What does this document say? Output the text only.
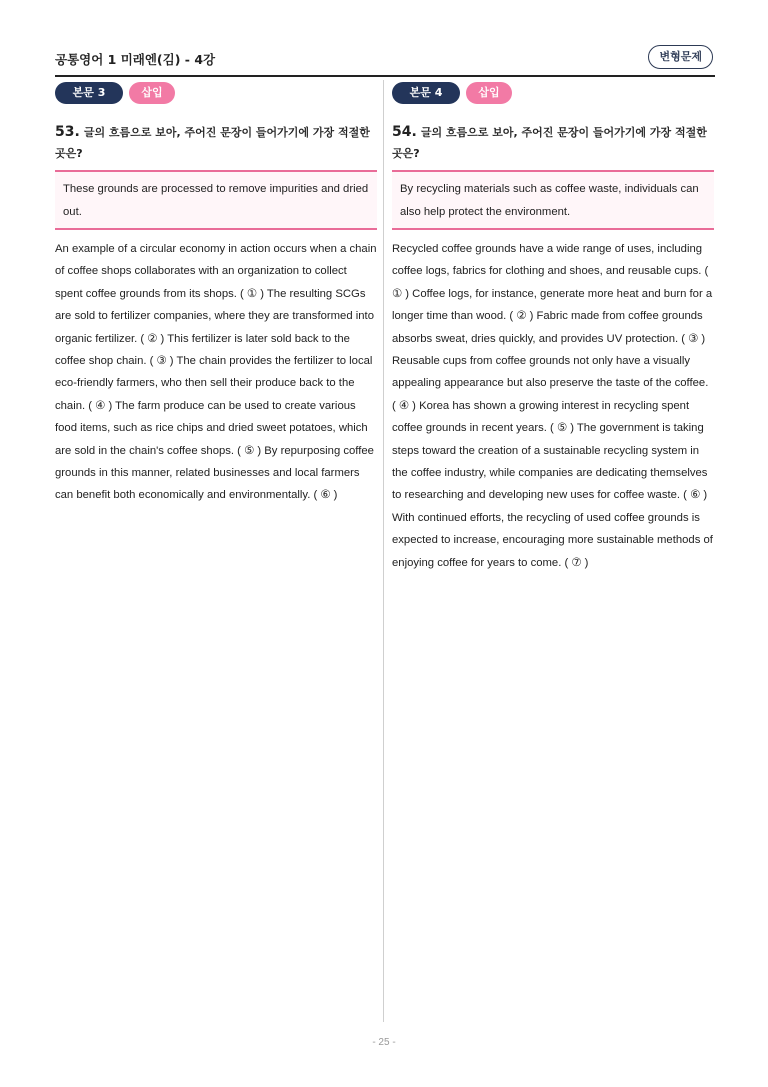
공통영어 1 미래엔(김) - 4강	변형문제
본문 3	삽입
53. 글의 흐름으로 보아, 주어진 문장이 들어가기에 가장 적절한 곳은?
These grounds are processed to remove impurities and dried out.
An example of a circular economy in action occurs when a chain of coffee shops collaborates with an organization to collect spent coffee grounds from its shops. ( ① ) The resulting SCGs are sold to fertilizer companies, where they are transformed into organic fertilizer. ( ② ) This fertilizer is later sold back to the coffee shop chain. ( ③ ) The chain provides the fertilizer to local eco-friendly farmers, who then sell their produce back to the chain. ( ④ ) The farm produce can be used to create various food items, such as rice chips and dried sweet potatoes, which are sold in the chain's coffee shops. ( ⑤ ) By repurposing coffee grounds in this manner, related businesses and local farmers can benefit both economically and environmentally. ( ⑥ )
본문 4	삽입
54. 글의 흐름으로 보아, 주어진 문장이 들어가기에 가장 적절한 곳은?
By recycling materials such as coffee waste, individuals can also help protect the environment.
Recycled coffee grounds have a wide range of uses, including coffee logs, fabrics for clothing and shoes, and reusable cups. ( ① ) Coffee logs, for instance, generate more heat and burn for a longer time than wood. ( ② ) Fabric made from coffee grounds absorbs sweat, dries quickly, and provides UV protection. ( ③ ) Reusable cups from coffee grounds not only have a visually appealing appearance but also preserve the taste of the coffee. ( ④ ) Korea has shown a growing interest in recycling spent coffee grounds in recent years. ( ⑤ ) The government is taking steps toward the creation of a sustainable recycling system in the coffee industry, while companies are dedicating themselves to researching and developing new uses for coffee waste. ( ⑥ ) With continued efforts, the recycling of used coffee grounds is expected to increase, encouraging more sustainable methods of enjoying coffee for years to come. ( ⑦ )
- 25 -
